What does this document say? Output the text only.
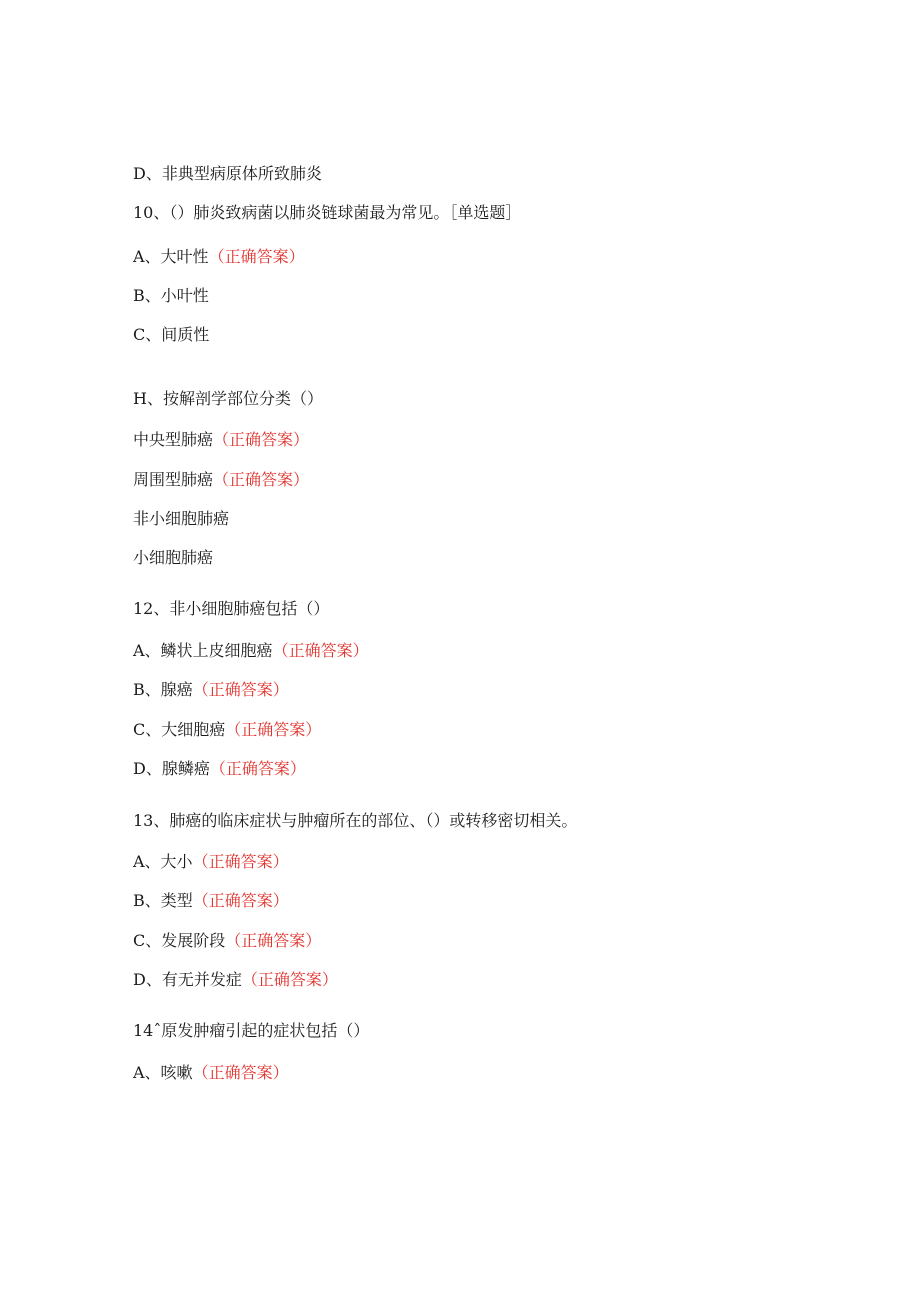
D、非典型病原体所致肺炎
10、（）肺炎致病菌以肺炎链球菌最为常见。［单选题］
A、大叶性（正确答案）
B、小叶性
C、间质性
H、按解剖学部位分类（）
中央型肺癌（正确答案）
周围型肺癌（正确答案）
非小细胞肺癌
小细胞肺癌
12、非小细胞肺癌包括（）
A、鳞状上皮细胞癌（正确答案）
B、腺癌（正确答案）
C、大细胞癌（正确答案）
D、腺鳞癌（正确答案）
13、肺癌的临床症状与肿瘤所在的部位、（）或转移密切相关。
A、大小（正确答案）
B、类型（正确答案）
C、发展阶段（正确答案）
D、有无并发症（正确答案）
14ˆ原发肿瘤引起的症状包括（）
A、咳嗽（正确答案）
